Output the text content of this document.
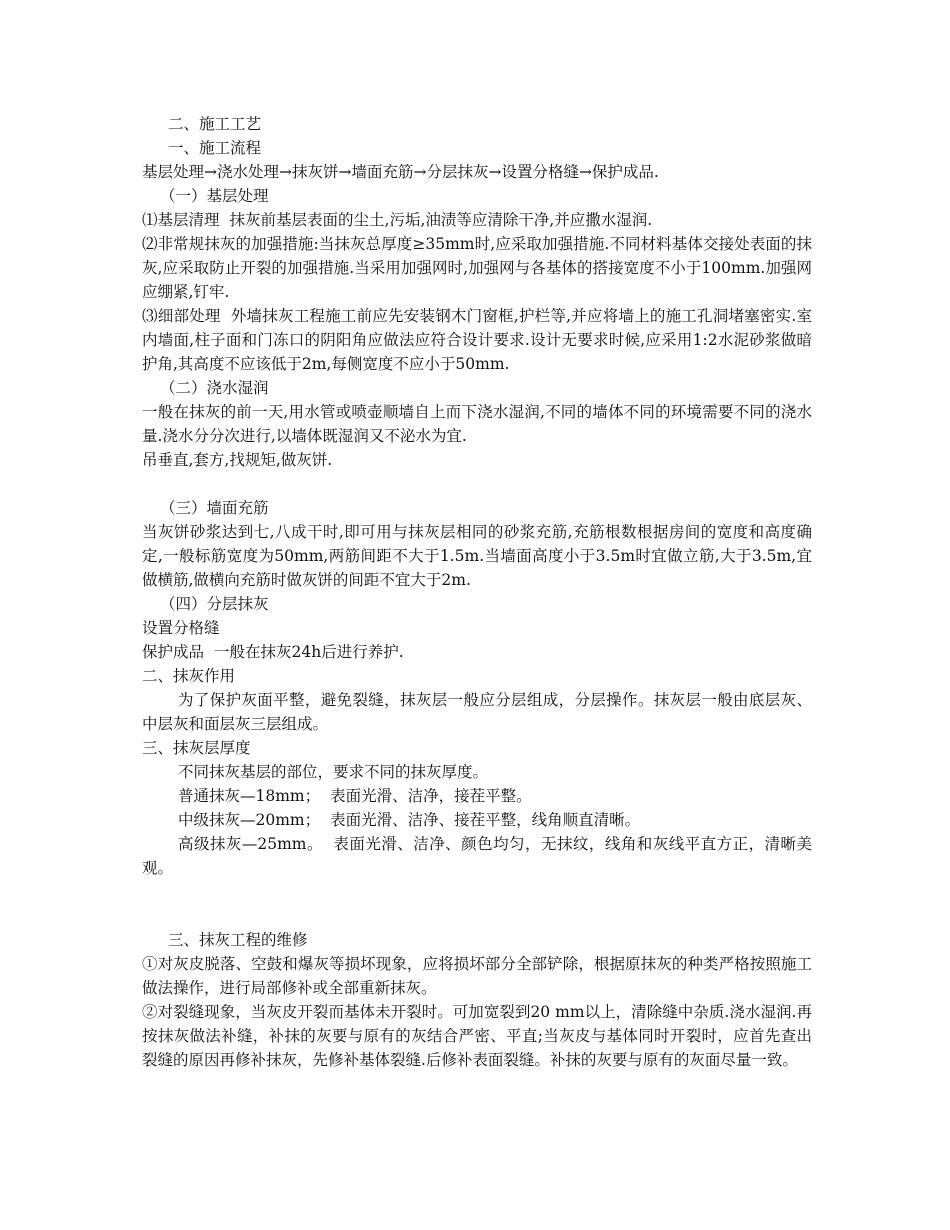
二、施工工艺
一、施工流程
基层处理→浇水处理→抹灰饼→墙面充筋→分层抹灰→设置分格缝→保护成品.
（一）基层处理
⑴基层清理 抹灰前基层表面的尘土,污垢,油渍等应清除干净,并应撒水湿润.
⑵非常规抹灰的加强措施:当抹灰总厚度≥35mm时,应采取加强措施.不同材料基体交接处表面的抹灰,应采取防止开裂的加强措施.当采用加强网时,加强网与各基体的搭接宽度不小于100mm.加强网应绷紧,钉牢.
⑶细部处理 外墙抹灰工程施工前应先安装钢木门窗框,护栏等,并应将墙上的施工孔洞堵塞密实.室内墙面,柱子面和门冻口的阴阳角应做法应符合设计要求.设计无要求时候,应采用1:2水泥砂浆做暗护角,其高度不应该低于2m,每侧宽度不应小于50mm.
（二）浇水湿润
一般在抹灰的前一天,用水管或喷壶顺墙自上而下浇水湿润,不同的墙体不同的环境需要不同的浇水量.浇水分分次进行,以墙体既湿润又不泌水为宜.
吊垂直,套方,找规矩,做灰饼.
（三）墙面充筋
当灰饼砂浆达到七,八成干时,即可用与抹灰层相同的砂浆充筋,充筋根数根据房间的宽度和高度确定,一般标筋宽度为50mm,两筋间距不大于1.5m.当墙面高度小于3.5m时宜做立筋,大于3.5m,宜做横筋,做横向充筋时做灰饼的间距不宜大于2m.
（四）分层抹灰
设置分格缝
保护成品 一般在抹灰24h后进行养护.
二、抹灰作用
为了保护灰面平整，避免裂缝，抹灰层一般应分层组成，分层操作。抹灰层一般由底层灰、中层灰和面层灰三层组成。
三、抹灰层厚度
不同抹灰基层的部位，要求不同的抹灰厚度。
普通抹灰—18mm； 表面光滑、洁净，接茬平整。
中级抹灰—20mm； 表面光滑、洁净、接茬平整，线角顺直清晰。
高级抹灰—25mm。 表面光滑、洁净、颜色均匀，无抹纹，线角和灰线平直方正，清晰美观。
三、抹灰工程的维修
①对灰皮脱落、空鼓和爆灰等损坏现象，应将损坏部分全部铲除，根据原抹灰的种类严格按照施工做法操作，进行局部修补或全部重新抹灰。
②对裂缝现象，当灰皮开裂而基体未开裂时。可加宽裂到20 mm以上，清除缝中杂质.浇水湿润.再按抹灰做法补缝，补抹的灰要与原有的灰结合严密、平直;当灰皮与基体同时开裂时，应首先查出裂缝的原因再修补抹灰，先修补基体裂缝.后修补表面裂缝。补抹的灰要与原有的灰面尽量一致。
